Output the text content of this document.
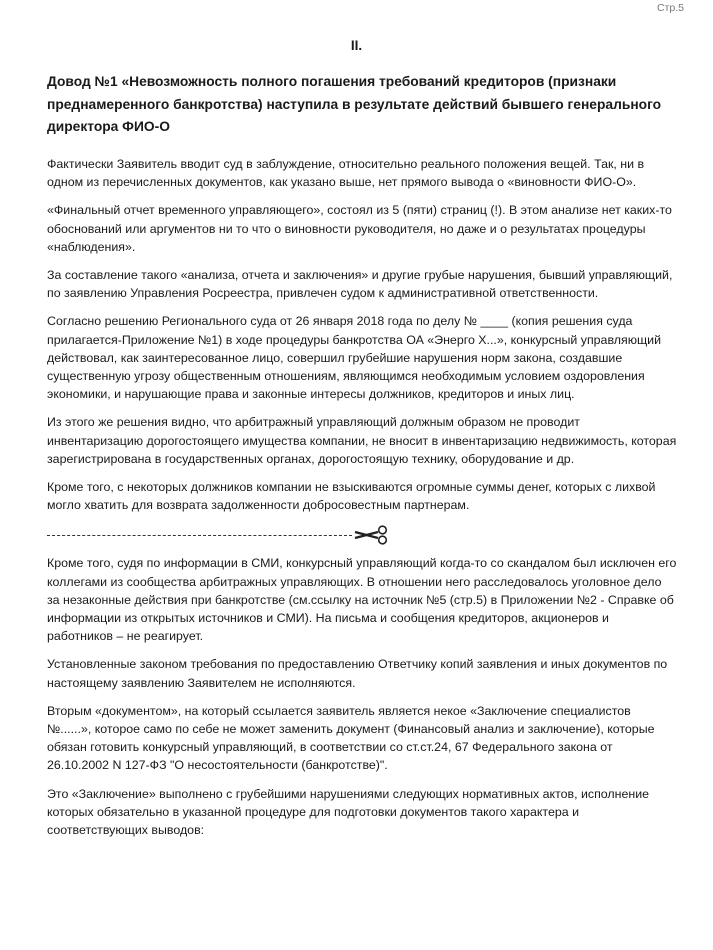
Стр.5
II.
Довод №1 «Невозможность полного погашения требований кредиторов (признаки преднамеренного банкротства) наступила в результате действий бывшего генерального директора ФИО-О

Фактически Заявитель вводит суд в заблуждение, относительно реального положения вещей. Так, ни в одном из перечисленных документов, как указано выше, нет прямого вывода о «виновности ФИО-О».

«Финальный отчет временного управляющего», состоял из 5 (пяти) страниц (!). В этом анализе нет каких-то обоснований или аргументов ни то что о виновности руководителя, но даже и о результатах процедуры «наблюдения».

За составление такого «анализа, отчета и заключения» и другие грубые нарушения, бывший управляющий, по заявлению Управления Росреестра, привлечен судом к административной ответственности.

Согласно решению Регионального суда от 26 января 2018 года по делу № ____ (копия решения суда прилагается-Приложение №1) в ходе процедуры банкротства ОА «Энерго Х...», конкурсный управляющий действовал, как заинтересованное лицо, совершил грубейшие нарушения норм закона, создавшие существенную угрозу общественным отношениям, являющимся необходимым условием оздоровления экономики, и нарушающие права и законные интересы должников, кредиторов и иных лиц.

Из этого же решения видно, что арбитражный управляющий должным образом не проводит инвентаризацию дорогостоящего имущества компании, не вносит в инвентаризацию недвижимость, которая зарегистрирована в государственных органах, дорогостоящую технику, оборудование и др.

Кроме того, с некоторых должников компании не взыскиваются огромные суммы денег, которых с лихвой могло хватить для возврата задолженности добросовестным партнерам.

Кроме того, судя по информации в СМИ, конкурсный управляющий когда-то со скандалом был исключен его коллегами из сообщества арбитражных управляющих. В отношении него расследовалось уголовное дело за незаконные действия при банкротстве (см.ссылку на источник №5 (стр.5) в Приложении №2 - Справке об информации из открытых источников и СМИ). На письма и сообщения кредиторов, акционеров и работников – не реагирует.

Установленные законом требования по предоставлению Ответчику копий заявления и иных документов по настоящему заявлению Заявителем не исполняются.

Вторым «документом», на который ссылается заявитель является некое «Заключение специалистов №......», которое само по себе не может заменить документ (Финансовый анализ и заключение), которые обязан готовить конкурсный управляющий, в соответствии со ст.ст.24, 67 Федерального закона от 26.10.2002 N 127-ФЗ "О несостоятельности (банкротстве)".

Это «Заключение» выполнено с грубейшими нарушениями следующих нормативных актов, исполнение которых обязательно в указанной процедуре для подготовки документов такого характера и соответствующих выводов:
